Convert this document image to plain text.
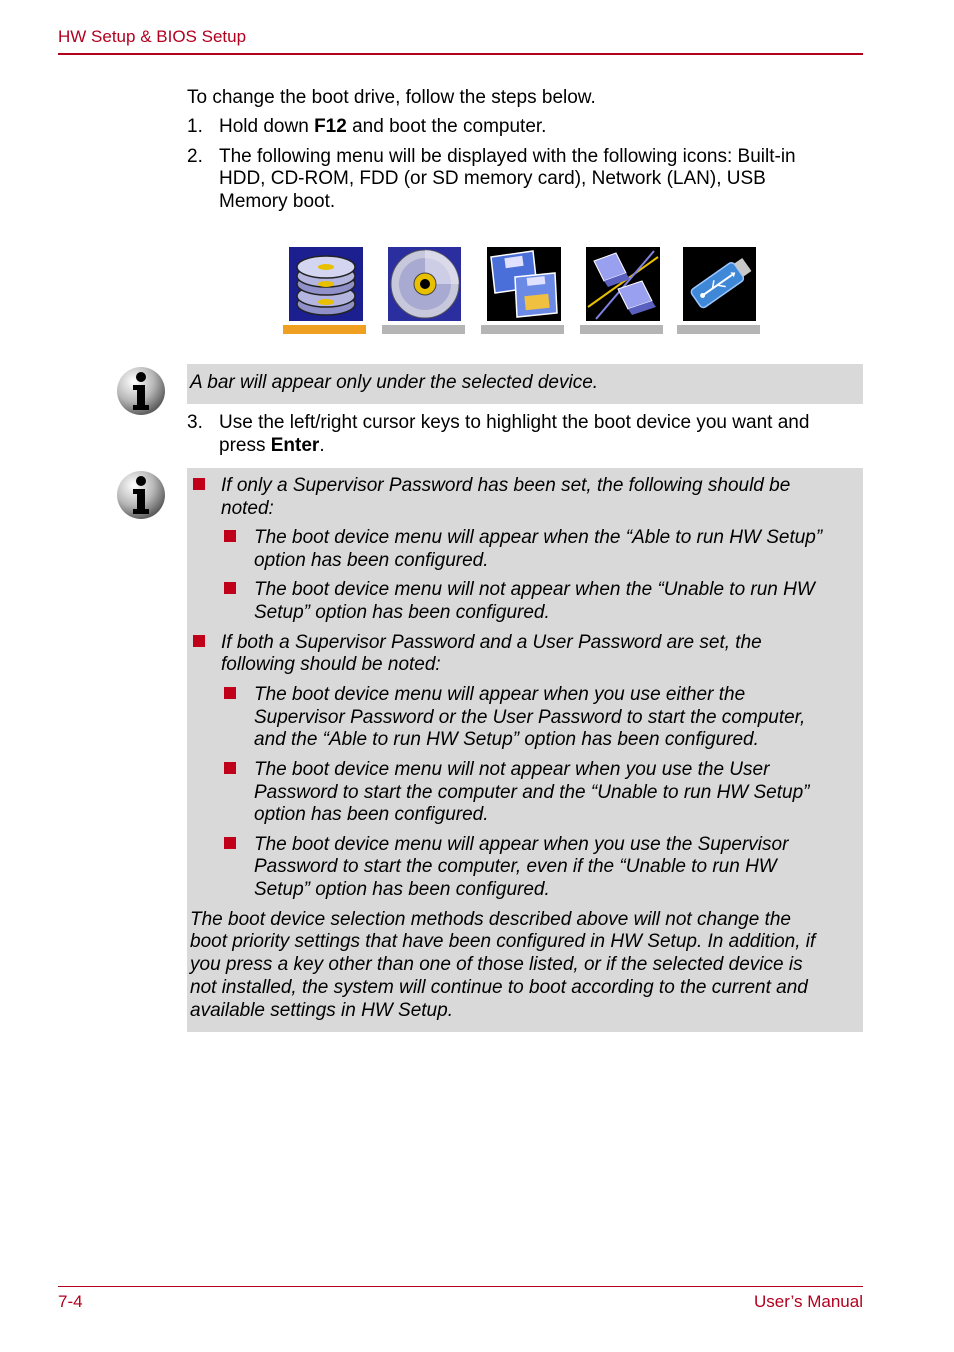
HW Setup & BIOS Setup
To change the boot drive, follow the steps below.
1. Hold down F12 and boot the computer.
2. The following menu will be displayed with the following icons: Built-in
HDD, CD-ROM, FDD (or SD memory card), Network (LAN), USB
Memory boot.
A bar will appear only under the selected device.
3. Use the left/right cursor keys to highlight the boot device you want and
press Enter.
If only a Supervisor Password has been set, the following should be
noted:
The boot device menu will appear when the “Able to run HW Setup”
option has been configured.
The boot device menu will not appear when the “Unable to run HW
Setup” option has been configured.
If both a Supervisor Password and a User Password are set, the
following should be noted:
The boot device menu will appear when you use either the
Supervisor Password or the User Password to start the computer,
and the “Able to run HW Setup” option has been configured.
The boot device menu will not appear when you use the User
Password to start the computer and the “Unable to run HW Setup”
option has been configured.
The boot device menu will appear when you use the Supervisor
Password to start the computer, even if the “Unable to run HW
Setup” option has been configured.
The boot device selection methods described above will not change the
boot priority settings that have been configured in HW Setup. In addition, if
you press a key other than one of those listed, or if the selected device is
not installed, the system will continue to boot according to the current and
available settings in HW Setup.
7-4	User’s Manual
